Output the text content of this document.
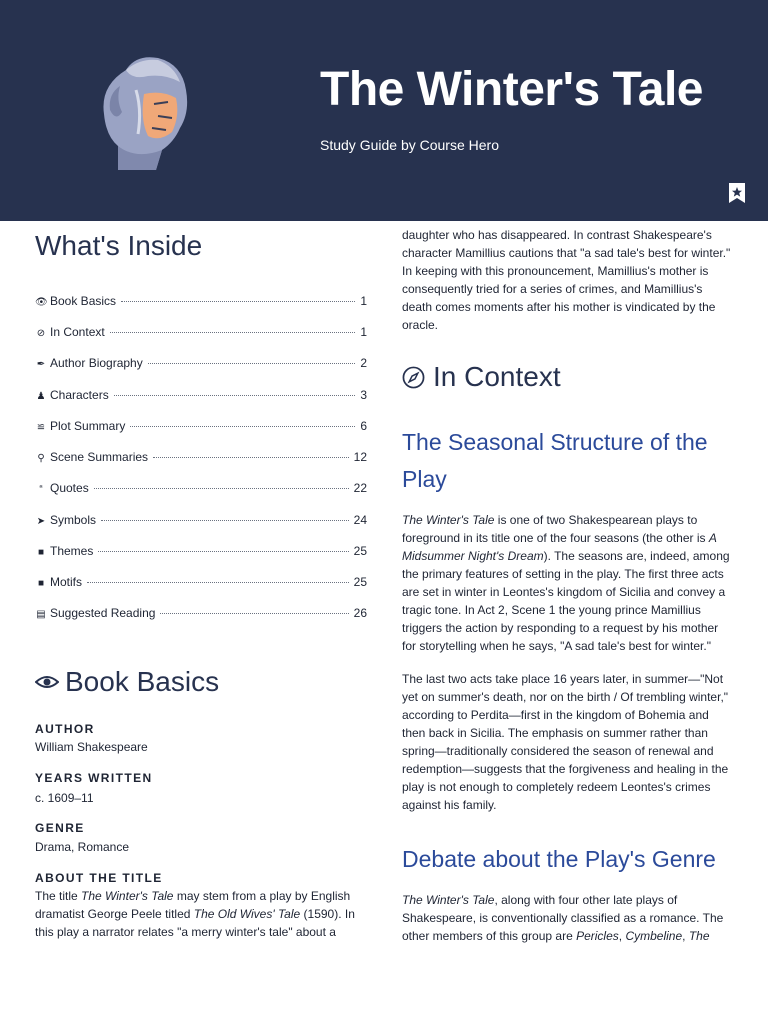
The Winter's Tale
Study Guide by Course Hero
What's Inside
👁 Book Basics	1
⊘ In Context	1
✒ Author Biography	2
♟ Characters	3
≌ Plot Summary	6
⚲ Scene Summaries	12
“ Quotes	22
➤ Symbols	24
■ Themes	25
■ Motifs	25
▤ Suggested Reading	26
Book Basics
AUTHOR
William Shakespeare
YEARS WRITTEN
c. 1609–11
GENRE
Drama, Romance
ABOUT THE TITLE
The title The Winter's Tale may stem from a play by English dramatist George Peele titled The Old Wives' Tale (1590). In this play a narrator relates "a merry winter's tale" about a
daughter who has disappeared. In contrast Shakespeare's character Mamillius cautions that "a sad tale's best for winter." In keeping with this pronouncement, Mamillius's mother is consequently tried for a series of crimes, and Mamillius's death comes moments after his mother is vindicated by the oracle.
In Context
The Seasonal Structure of the Play
The Winter's Tale is one of two Shakespearean plays to foreground in its title one of the four seasons (the other is A Midsummer Night's Dream). The seasons are, indeed, among the primary features of setting in the play. The first three acts are set in winter in Leontes's kingdom of Sicilia and convey a tragic tone. In Act 2, Scene 1 the young prince Mamillius triggers the action by responding to a request by his mother for storytelling when he says, "A sad tale's best for winter."
The last two acts take place 16 years later, in summer—"Not yet on summer's death, nor on the birth / Of trembling winter," according to Perdita—first in the kingdom of Bohemia and then back in Sicilia. The emphasis on summer rather than spring—traditionally considered the season of renewal and redemption—suggests that the forgiveness and healing in the play is not enough to completely redeem Leontes's crimes against his family.
Debate about the Play's Genre
The Winter's Tale, along with four other late plays of Shakespeare, is conventionally classified as a romance. The other members of this group are Pericles, Cymbeline, The
